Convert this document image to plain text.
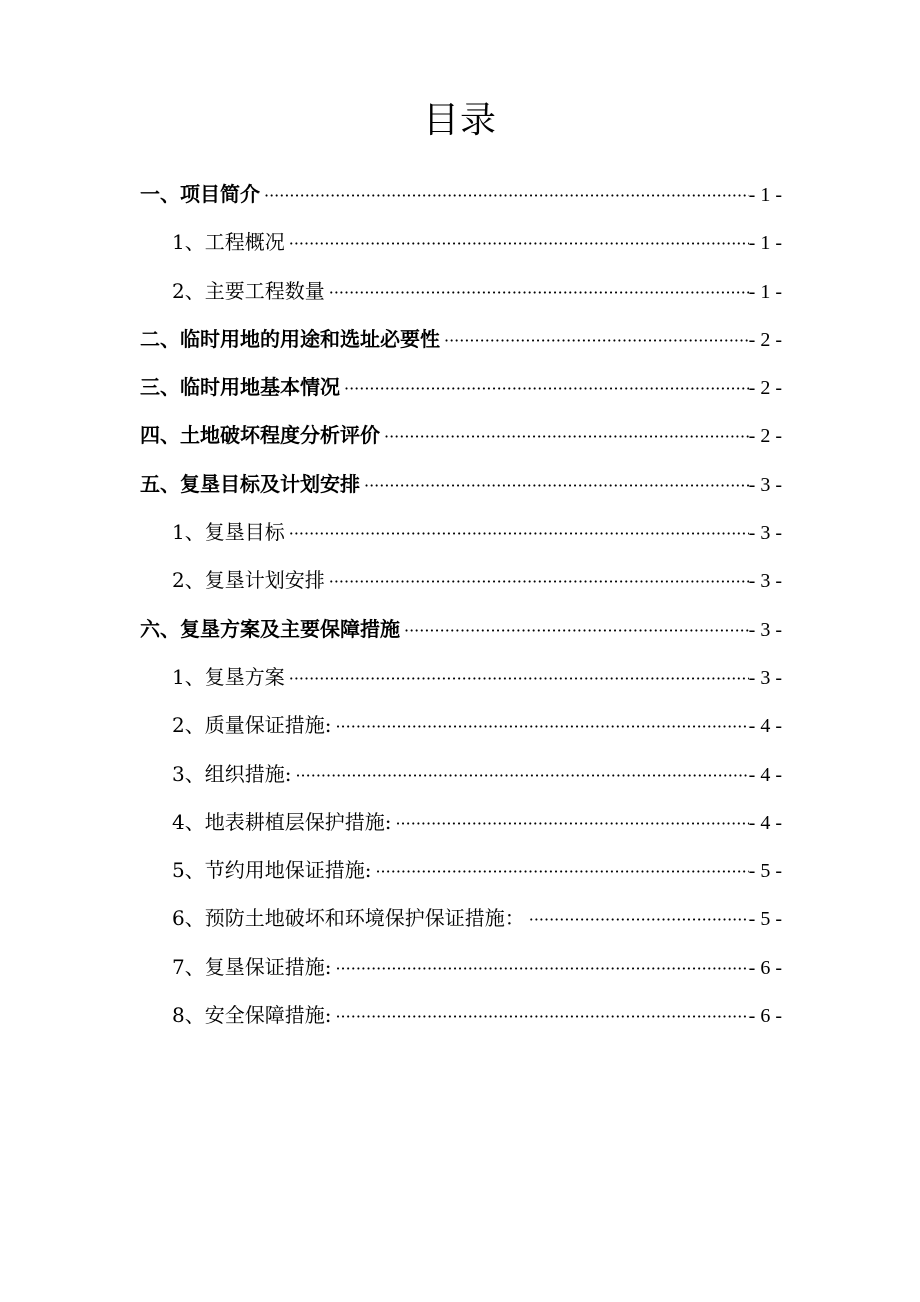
目录
一、项目简介 ·····	- 1 -
1、工程概况 ·····	- 1 -
2、主要工程数量 ·····	- 1 -
二、临时用地的用途和选址必要性 ·····	- 2 -
三、临时用地基本情况 ·····	- 2 -
四、土地破坏程度分析评价 ·····	- 2 -
五、复垦目标及计划安排 ·····	- 3 -
1、复垦目标 ·····	- 3 -
2、复垦计划安排 ·····	- 3 -
六、复垦方案及主要保障措施 ·····	- 3 -
1、复垦方案 ·····	- 3 -
2、质量保证措施: ·····	- 4 -
3、组织措施: ·····	- 4 -
4、地表耕植层保护措施: ·····	- 4 -
5、节约用地保证措施: ·····	- 5 -
6、预防土地破坏和环境保护保证措施： ·····	- 5 -
7、复垦保证措施: ·····	- 6 -
8、安全保障措施: ·····	- 6 -
